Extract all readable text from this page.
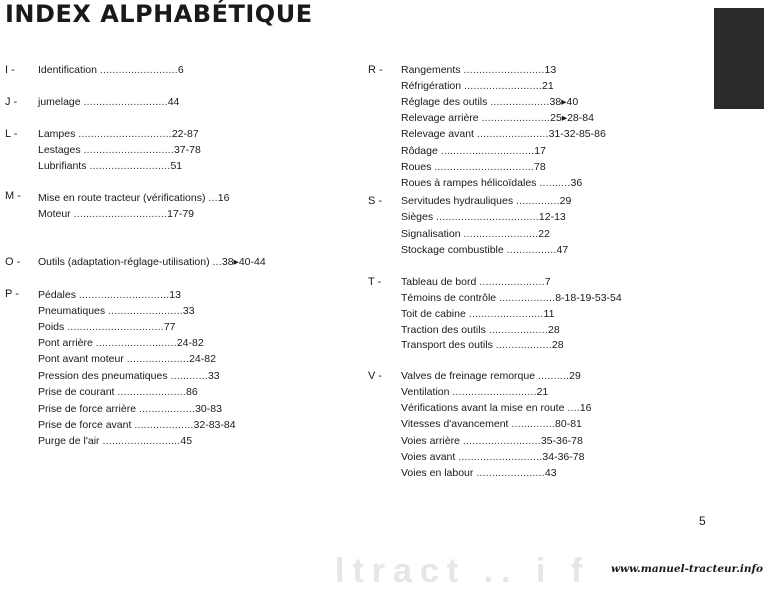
INDEX ALPHABÉTIQUE
I - Identification .........................6
J - jumelage ...........................44
L - Lampes ..............................22-87
Lestages .............................37-78
Lubrifiants ..........................51
M - Mise en route tracteur (vérifications) ...16
Moteur ..............................17-79
O - Outils (adaptation-réglage-utilisation) ...38▸40-44
P - Pédales .............................13
Pneumatiques ........................33
Poids ...............................77
Pont arrière ..........................24-82
Pont avant moteur ....................24-82
Pression des pneumatiques ............33
Prise de courant ......................86
Prise de force arrière ..................30-83
Prise de force avant ...................32-83-84
Purge de l'air .........................45
R - Rangements ..........................13
Réfrigération .........................21
Réglage des outils ...................38▸40
Relevage arrière ......................25▸28-84
Relevage avant .......................31-32-85-86
Rôdage ..............................17
Roues ................................78
Roues à rampes hélicoïdales ..........36
S - Servitudes hydrauliques ..............29
Sièges .................................12-13
Signalisation ........................22
Stockage combustible ................47
T - Tableau de bord .....................7
Témoins de contrôle ..................8-18-19-53-54
Toit de cabine ........................11
Traction des outils ...................28
Transport des outils ..................28
V - Valves de freinage remorque ..........29
Ventilation ...........................21
Vérifications avant la mise en route ....16
Vitesses d'avancement ..............80-81
Voies arrière .........................35-36-78
Voies avant ...........................34-36-78
Voies en labour ......................43
5
ltract .. i f www.manuel-tracteur.info
